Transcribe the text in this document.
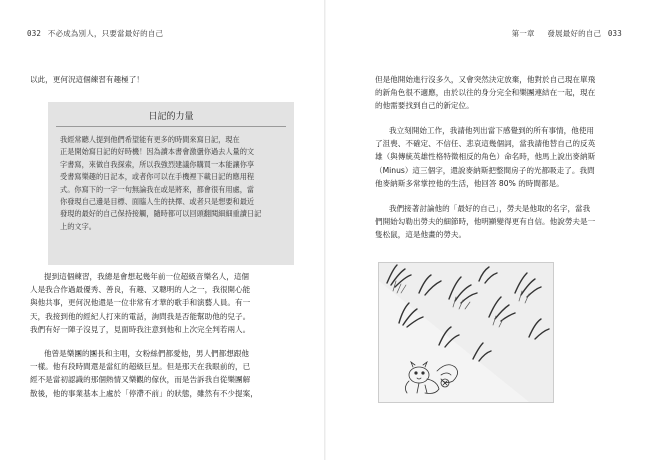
032 不必成為別人，只要當最好的自己	第一章 發展最好的自己 033

以此，更何況這個練習有趣極了！

日記的力量

我經常聽人提到他們希望能有更多的時間來寫日記，現在

正是開始寫日記的好時機！因為讀本書會激盪你過去人量的文

字書寫，來做自我探索，所以我強烈建議你購買一本能讓你享

受書寫樂趣的日記本，或者你可以在手機裡下載日記的應用程

式。你寫下的一字一句無論我在或是將來，都會很有用處，當

你發現自己邊是目標、面臨人生的抉擇、或者只是想要和最近

發現的最好的自己保持接觸，隨時都可以回頭翻閱細細重讀日記

上的文字。

提到這個練習，我總是會想起幾年前一位超級音樂名人，這個

人是我合作過最優秀、善良，有趣、又聰明的人之一，我很開心能

與他共事，更何況他還是一位非常有才華的歌手和演藝人員。有一

天，我接到他的經紀人打來的電話，詢問我是否能幫助他的兒子。

我們有好一陣子沒見了，見面時我注意到他和上次完全判若兩人。

他曾是樂團的團長和主唱，女粉絲們都愛他，男人們都想跟他

一樣。他有段時間還是當紅的超級巨星。但是那天在我眼前的，已

經不是當初認識的那個熱情又樂觀的傢伙，而是告訴我自從樂團解

散後，他的事業基本上處於「停滯不前」的狀態，雖然有不少提案，

但是他開始進行沒多久，又會突然決定放棄，他對於自己現在單飛

的新角色很不適應，由於以往的身分完全和樂團連結在一起，現在

的他需要找到自己的新定位。

我立刻開始工作，我請他列出當下感覺到的所有事情，他使用

了沮喪、不確定、不信任、悲哀這幾個詞，當我請他替自己的反英

雄（與傳統英雄性格特徵相反的角色）命名時，他馬上說出麥納斯

（Minus）這三個字，還說麥納斯把整間房子的光都吸走了。我問

他麥納斯多常掌控他的生活，他回答 80% 的時間都是。

我們接著討論他的「最好的自己」，勞夫是他取的名字，當我

們開始勾勒出勞夫的細節時，他明顯變得更有自信。他說勞夫是一

隻松鼠，這是他畫的勞夫。
